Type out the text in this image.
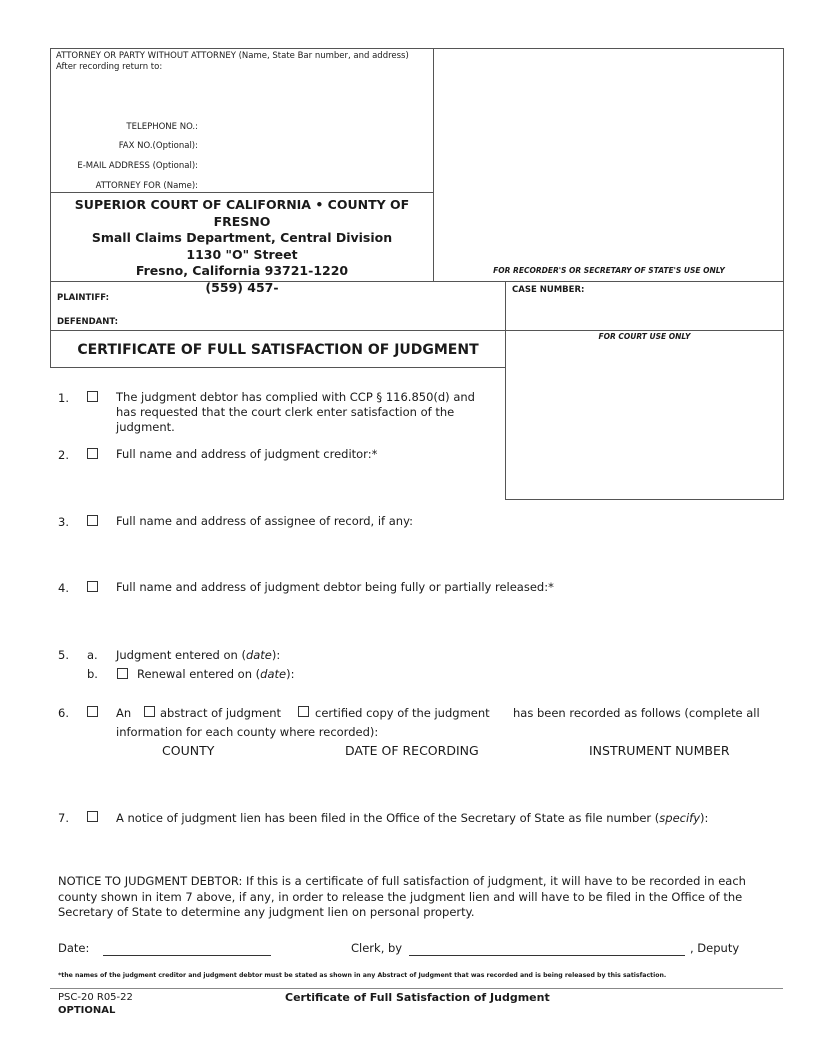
ATTORNEY OR PARTY WITHOUT ATTORNEY (Name, State Bar number, and address)
After recording return to:
TELEPHONE NO.:
FAX NO.(Optional):
E-MAIL ADDRESS (Optional):
ATTORNEY FOR (Name):
SUPERIOR COURT OF CALIFORNIA • COUNTY OF FRESNO
Small Claims Department, Central Division
1130 "O" Street
Fresno, California 93721-1220
(559) 457-
FOR RECORDER'S OR SECRETARY OF STATE'S USE ONLY
PLAINTIFF:
DEFENDANT:
CASE NUMBER:
CERTIFICATE OF FULL SATISFACTION OF JUDGMENT
FOR COURT USE ONLY
1.	The judgment debtor has complied with CCP § 116.850(d) and
has requested that the court clerk enter satisfaction of the
judgment.
2.	Full name and address of judgment creditor:*
3.	Full name and address of assignee of record, if any:
4.	Full name and address of judgment debtor being fully or partially released:*
5. a. Judgment entered on (date):
b.	Renewal entered on (date):
6.	An	abstract of judgment	certified copy of the judgment has been recorded as follows (complete all
information for each county where recorded):
COUNTY	DATE OF RECORDING	INSTRUMENT NUMBER
7.	A notice of judgment lien has been filed in the Office of the Secretary of State as file number (specify):
NOTICE TO JUDGMENT DEBTOR: If this is a certificate of full satisfaction of judgment, it will have to be recorded in each
county shown in item 7 above, if any, in order to release the judgment lien and will have to be filed in the Office of the
Secretary of State to determine any judgment lien on personal property.
Date:	Clerk, by	, Deputy
*the names of the judgment creditor and judgment debtor must be stated as shown in any Abstract of Judgment that was recorded and is being released by this satisfaction.
PSC-20 R05-22
OPTIONAL
Certificate of Full Satisfaction of Judgment
